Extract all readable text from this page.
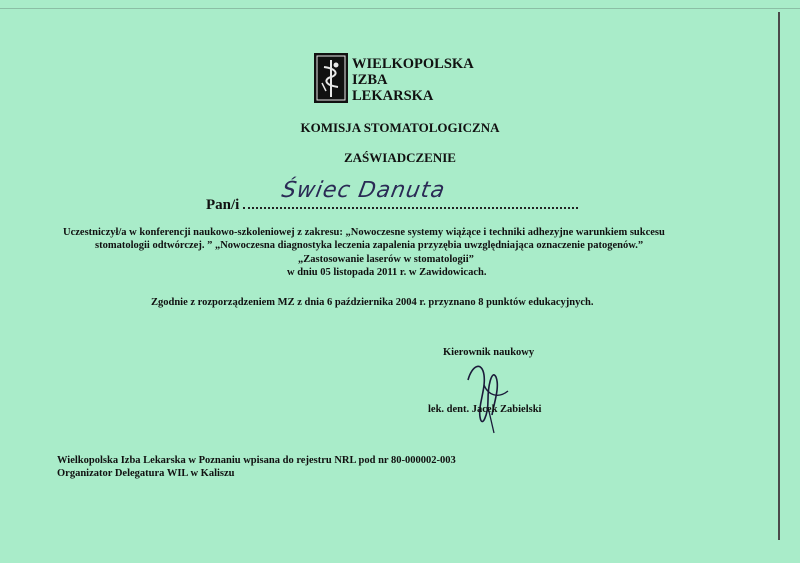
WIELKOPOLSKA
IZBA
LEKARSKA
KOMISJA STOMATOLOGICZNA
ZAŚWIADCZENIE
Pan/i
Świec Danuta
Uczestniczył/a w konferencji naukowo-szkoleniowej z zakresu: „Nowoczesne systemy wiążące i techniki adhezyjne warunkiem sukcesu
stomatologii odtwórczej. ” „Nowoczesna diagnostyka leczenia zapalenia przyzębia uwzględniająca oznaczenie patogenów.”
„Zastosowanie laserów w stomatologii”
w dniu 05 listopada 2011 r. w Zawidowicach.
Zgodnie z rozporządzeniem MZ z dnia 6 października 2004 r. przyznano 8 punktów edukacyjnych.
Kierownik naukowy
lek. dent. Jacek Zabielski
Wielkopolska Izba Lekarska w Poznaniu wpisana do rejestru NRL pod nr 80-000002-003
Organizator Delegatura WIL w Kaliszu
